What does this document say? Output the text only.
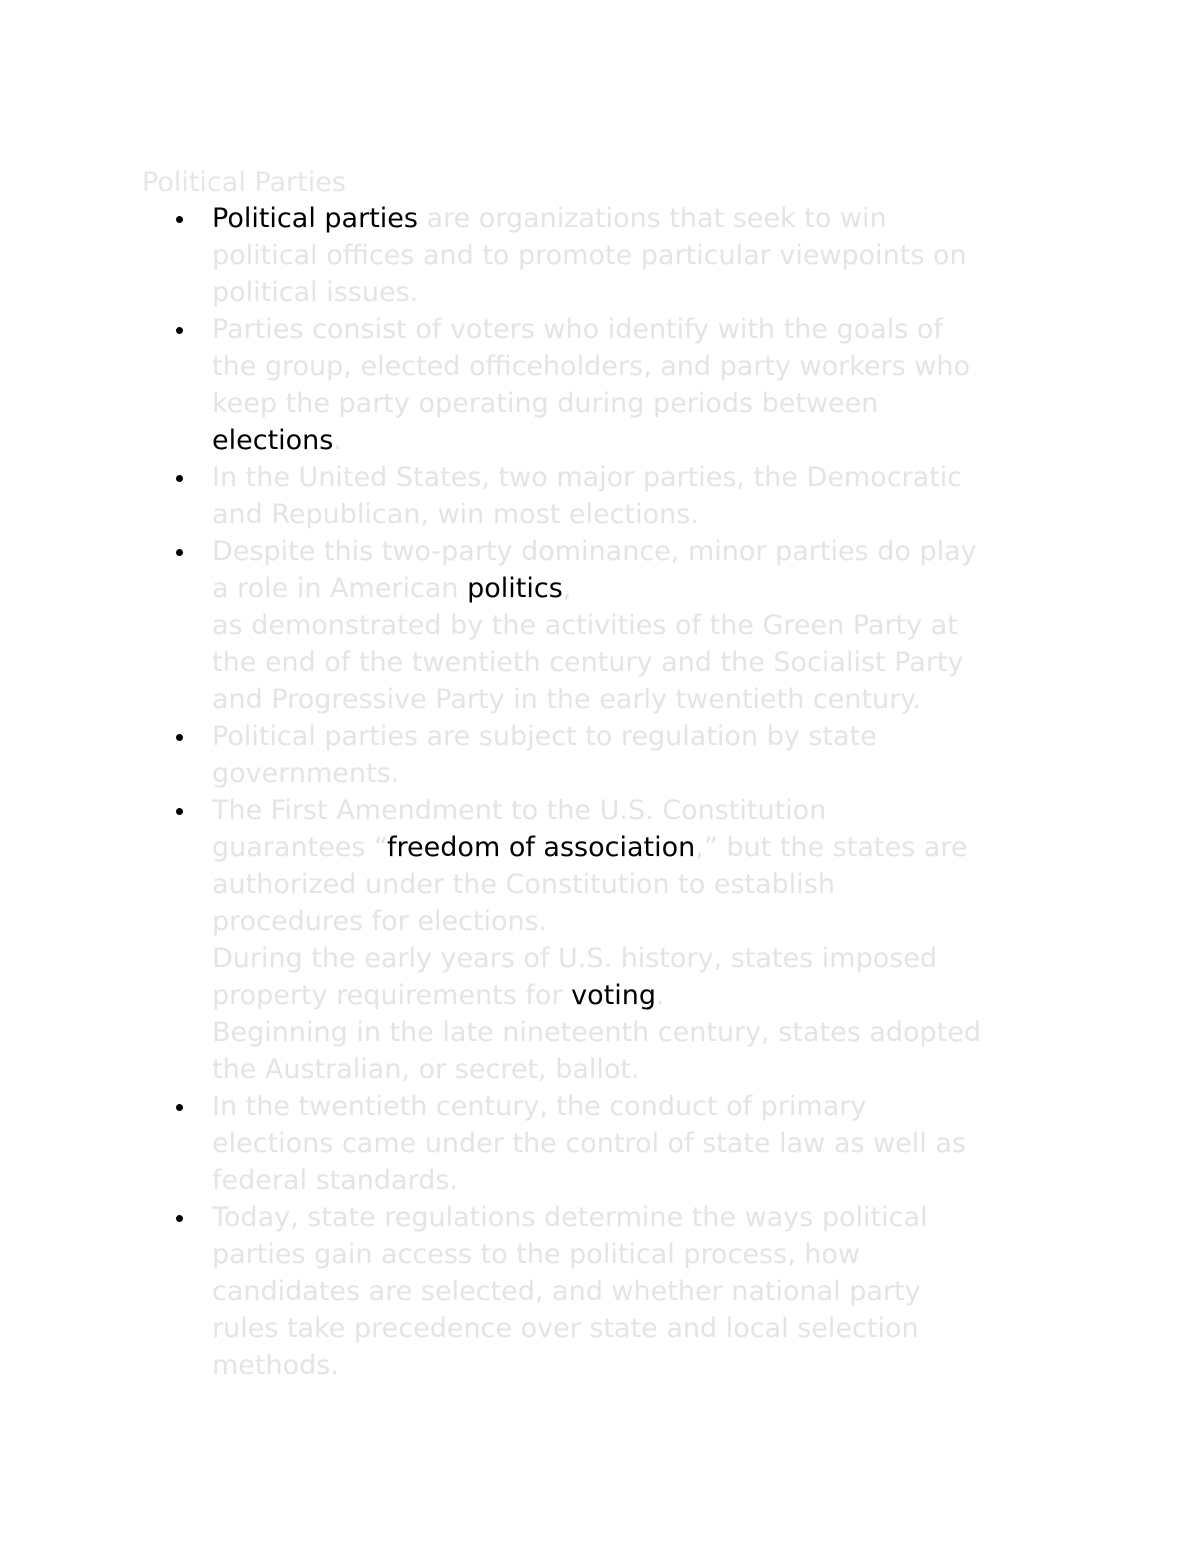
Political Parties
Political parties are organizations that seek to win
political offices and to promote particular viewpoints on
political issues.
Parties consist of voters who identify with the goals of
the group, elected officeholders, and party workers who
keep the party operating during periods between
elections.
In the United States, two major parties, the Democratic
and Republican, win most elections.
Despite this two-party dominance, minor parties do play
a role in American politics,
as demonstrated by the activities of the Green Party at
the end of the twentieth century and the Socialist Party
and Progressive Party in the early twentieth century.
Political parties are subject to regulation by state
governments.
The First Amendment to the U.S. Constitution
guarantees “freedom of association,” but the states are
authorized under the Constitution to establish
procedures for elections.
During the early years of U.S. history, states imposed
property requirements for voting.
Beginning in the late nineteenth century, states adopted
the Australian, or secret, ballot.
In the twentieth century, the conduct of primary
elections came under the control of state law as well as
federal standards.
Today, state regulations determine the ways political
parties gain access to the political process, how
candidates are selected, and whether national party
rules take precedence over state and local selection
methods.
